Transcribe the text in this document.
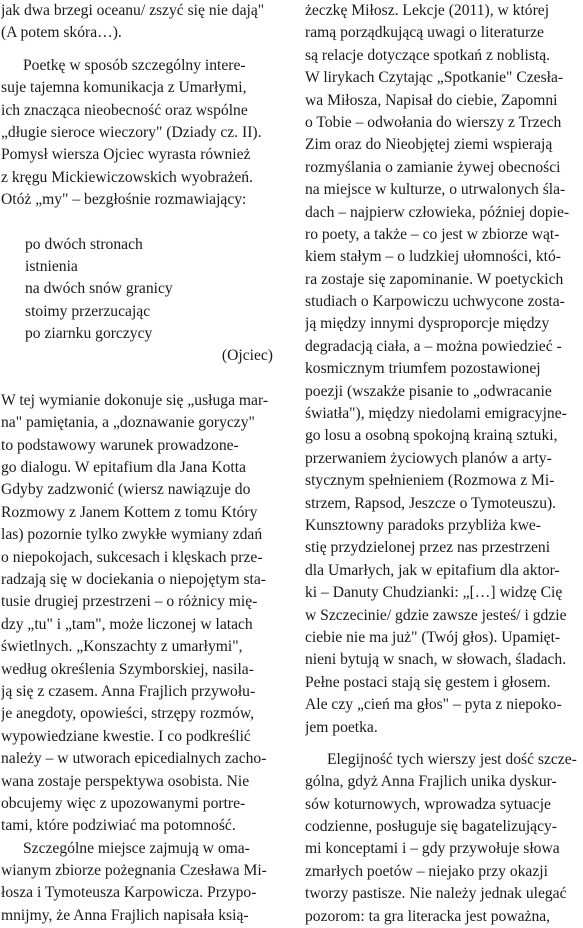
jak dwa brzegi oceanu/ zszyć się nie dają"
(A potem skóra…).
Poetkę w sposób szczególny intere-
suje tajemna komunikacja z Umarłymi,
ich znacząca nieobecność oraz wspólne
„długie sieroce wieczory" (Dziady cz. II).
Pomysł wiersza Ojciec wyrasta również
z kręgu Mickiewiczowskich wyobrażeń.
Otóż „my" – bezgłośnie rozmawiający:
po dwóch stronach
istnienia
na dwóch snów granicy
stoimy przerzucając
po ziarnku gorczycy
(Ojciec)
W tej wymianie dokonuje się „usługa mar-
na" pamiętania, a „doznawanie goryczy"
to podstawowy warunek prowadzone-
go dialogu. W epitafium dla Jana Kotta
Gdyby zadzwonić (wiersz nawiązuje do
Rozmowy z Janem Kottem z tomu Który
las) pozornie tylko zwykłe wymiany zdań
o niepokojach, sukcesach i klęskach prze-
radzają się w dociekania o niepojętym sta-
tusie drugiej przestrzeni – o różnicy mię-
dzy „tu" i „tam", może liczonej w latach
świetlnych. „Konszachty z umarłymi",
według określenia Szymborskiej, nasila-
ją się z czasem. Anna Frajlich przywołu-
je anegdoty, opowieści, strzępy rozmów,
wypowiedziane kwestie. I co podkreślić
należy – w utworach epicedialnych zacho-
wana zostaje perspektywa osobista. Nie
obcujemy więc z upozowanymi portre-
tami, które podziwiać ma potomność.
Szczególne miejsce zajmują w oma-
wianym zbiorze pożegnania Czesława Mi-
łosza i Tymoteusza Karpowicza. Przypo-
mnijmy, że Anna Frajlich napisała ksią-
żeczkę Miłosz. Lekcje (2011), w której
ramą porządkującą uwagi o literaturze
są relacje dotyczące spotkań z noblistą.
W lirykach Czytając „Spotkanie" Czesła-
wa Miłosza, Napisał do ciebie, Zapomni
o Tobie – odwołania do wierszy z Trzech
Zim oraz do Nieobjętej ziemi wspierają
rozmyślania o zamianie żywej obecności
na miejsce w kulturze, o utrwalonych śla-
dach – najpierw człowieka, później dopie-
ro poety, a także – co jest w zbiorze wąt-
kiem stałym – o ludzkiej ułomności, któ-
ra zostaje się zapominanie. W poetyckich
studiach o Karpowiczu uchwycone zosta-
ją między innymi dysproporcje między
degradacją ciała, a – można powiedzieć -
kosmicznym triumfem pozostawionej
poezji (wszakże pisanie to „odwracanie
światła"), między niedolami emigracyjne-
go losu a osobną spokojną krainą sztuki,
przerwaniem życiowych planów a arty-
stycznym spełnieniem (Rozmowa z Mi-
strzem, Rapsod, Jeszcze o Tymoteuszu).
Kunsztowny paradoks przybliża kwe-
stię przydzielonej przez nas przestrzeni
dla Umarłych, jak w epitafium dla aktor-
ki – Danuty Chudzianki: „[…] widzę Cię
w Szczecinie/ gdzie zawsze jesteś/ i gdzie
ciebie nie ma już" (Twój głos). Upamięt-
nieni bytują w snach, w słowach, śladach.
Pełne postaci stają się gestem i głosem.
Ale czy „cień ma głos" – pyta z niepoko-
jem poetka.
Elegijność tych wierszy jest dość szcze-
gólna, gdyż Anna Frajlich unika dyskur-
sów koturnowych, wprowadza sytuacje
codzienne, posługuje się bagatelizujący-
mi konceptami i – gdy przywołuje słowa
zmarłych poetów – niejako przy okazji
tworzy pastisze. Nie należy jednak ulegać
pozorom: ta gra literacka jest poważna,
